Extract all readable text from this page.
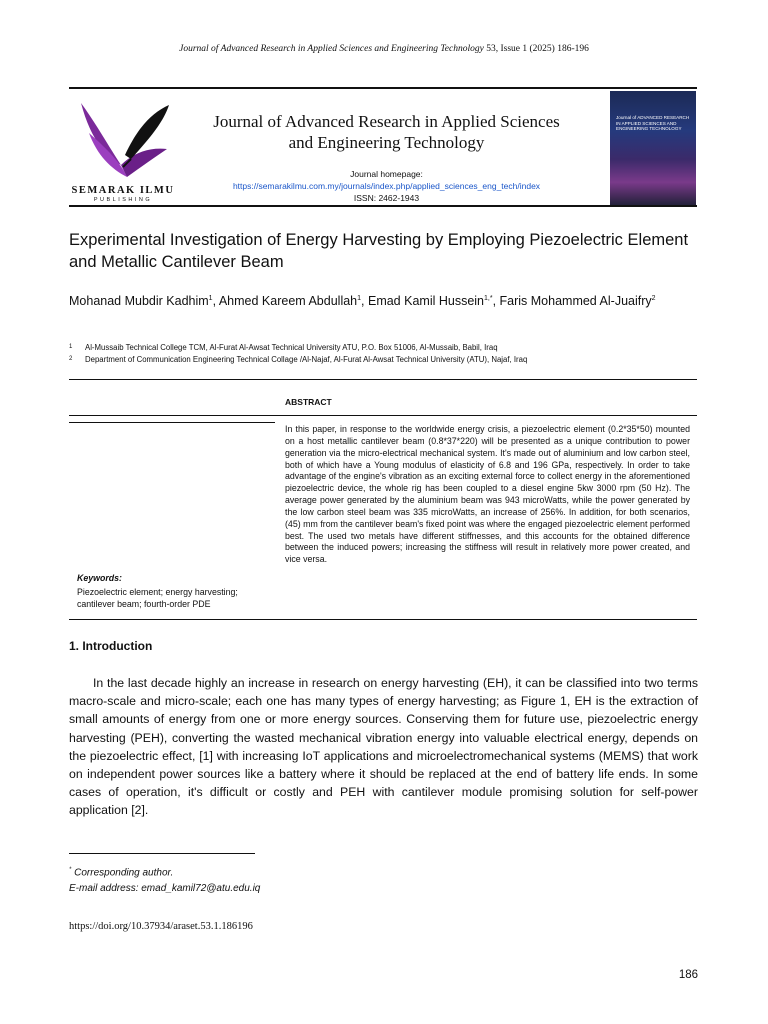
Journal of Advanced Research in Applied Sciences and Engineering Technology 53, Issue 1 (2025) 186-196
SEMARAK ILMU
PUBLISHING
Journal of Advanced Research in Applied Sciences and Engineering Technology
Journal homepage:
https://semarakilmu.com.my/journals/index.php/applied_sciences_eng_tech/index
ISSN: 2462-1943
Journal of ADVANCED RESEARCH IN APPLIED SCIENCES AND ENGINEERING TECHNOLOGY
Experimental Investigation of Energy Harvesting by Employing Piezoelectric Element and Metallic Cantilever Beam
Mohanad Mubdir Kadhim$^1$, Ahmed Kareem Abdullah$^1$, Emad Kamil Hussein$^{1,*}$, Faris Mohammed Al-Juaifry$^2$
1	Al-Mussaib Technical College TCM, Al-Furat Al-Awsat Technical University ATU, P.O. Box 51006, Al-Mussaib, Babil, Iraq
2	Department of Communication Engineering Technical Collage /Al-Najaf, Al-Furat Al-Awsat Technical University (ATU), Najaf, Iraq
ABSTRACT
Keywords:
Piezoelectric element; energy harvesting; cantilever beam; fourth-order PDE
In this paper, in response to the worldwide energy crisis, a piezoelectric element (0.2*35*50) mounted on a host metallic cantilever beam (0.8*37*220) will be presented as a unique contribution to power generation via the micro-electrical mechanical system. It's made out of aluminium and low carbon steel, both of which have a Young modulus of elasticity of 6.8 and 196 GPa, respectively. In order to take advantage of the engine's vibration as an exciting external force to collect energy in the aforementioned piezoelectric device, the whole rig has been coupled to a diesel engine 5kw 3000 rpm (50 Hz). The average power generated by the aluminium beam was 943 microWatts, while the power generated by the low carbon steel beam was 335 microWatts, an increase of 256%. In addition, for both scenarios, (45) mm from the cantilever beam's fixed point was where the engaged piezoelectric element performed best. The used two metals have different stiffnesses, and this accounts for the obtained difference between the induced powers; increasing the stiffness will result in relatively more power created, and vice versa.
1. Introduction

In the last decade highly an increase in research on energy harvesting (EH), it can be classified into two terms macro-scale and micro-scale; each one has many types of energy harvesting; as Figure 1, EH is the extraction of small amounts of energy from one or more energy sources. Conserving them for future use, piezoelectric energy harvesting (PEH), converting the wasted mechanical vibration energy into valuable electrical energy, depends on the piezoelectric effect, [1] with increasing IoT applications and microelectromechanical systems (MEMS) that work on independent power sources like a battery where it should be replaced at the end of battery life ends. In some cases of operation, it's difficult or costly and PEH with cantilever module promising solution for self-power application [2].

* Corresponding author.
E-mail address: emad_kamil72@atu.edu.iq
https://doi.org/10.37934/araset.53.1.186196
186
